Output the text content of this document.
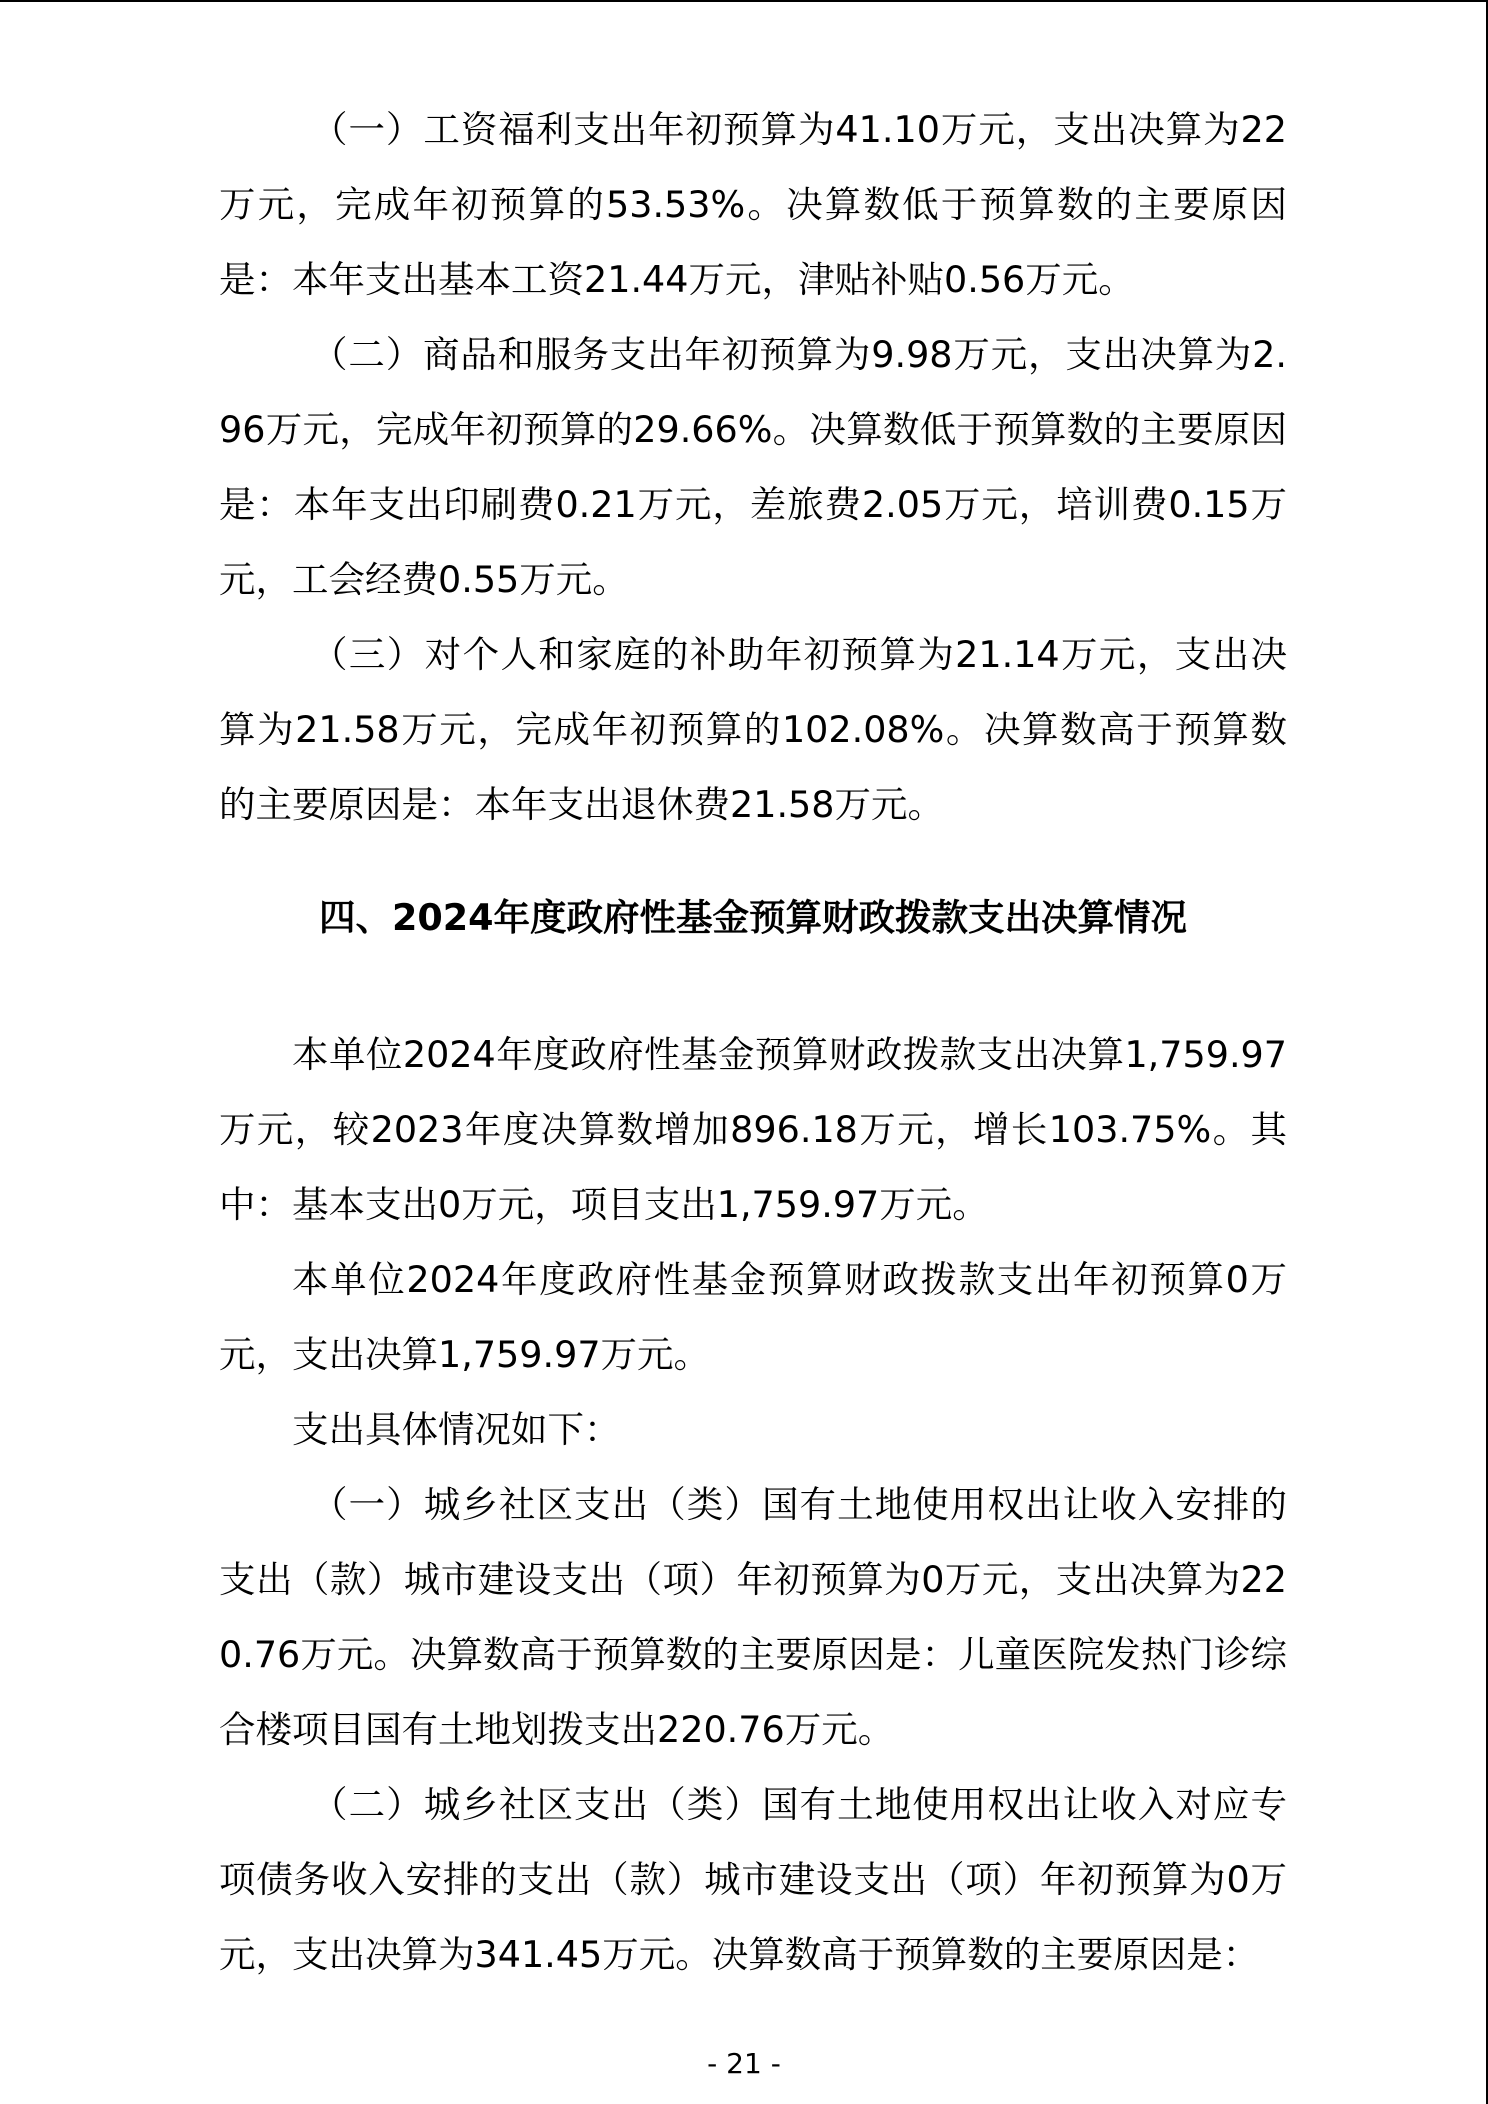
（一）工资福利支出年初预算为41.10万元，支出决算为22万元，完成年初预算的53.53%。决算数低于预算数的主要原因是：本年支出基本工资21.44万元，津贴补贴0.56万元。

（二）商品和服务支出年初预算为9.98万元，支出决算为2.96万元，完成年初预算的29.66%。决算数低于预算数的主要原因是：本年支出印刷费0.21万元，差旅费2.05万元，培训费0.15万元，工会经费0.55万元。

（三）对个人和家庭的补助年初预算为21.14万元，支出决算为21.58万元，完成年初预算的102.08%。决算数高于预算数的主要原因是：本年支出退休费21.58万元。

四、2024年度政府性基金预算财政拨款支出决算情况

本单位2024年度政府性基金预算财政拨款支出决算1,759.97万元，较2023年度决算数增加896.18万元，增长103.75%。其中：基本支出0万元，项目支出1,759.97万元。

本单位2024年度政府性基金预算财政拨款支出年初预算0万元，支出决算1,759.97万元。

支出具体情况如下：

（一）城乡社区支出（类）国有土地使用权出让收入安排的支出（款）城市建设支出（项）年初预算为0万元，支出决算为220.76万元。决算数高于预算数的主要原因是：儿童医院发热门诊综合楼项目国有土地划拨支出220.76万元。

（二）城乡社区支出（类）国有土地使用权出让收入对应专项债务收入安排的支出（款）城市建设支出（项）年初预算为0万元，支出决算为341.45万元。决算数高于预算数的主要原因是：

- 21 -
